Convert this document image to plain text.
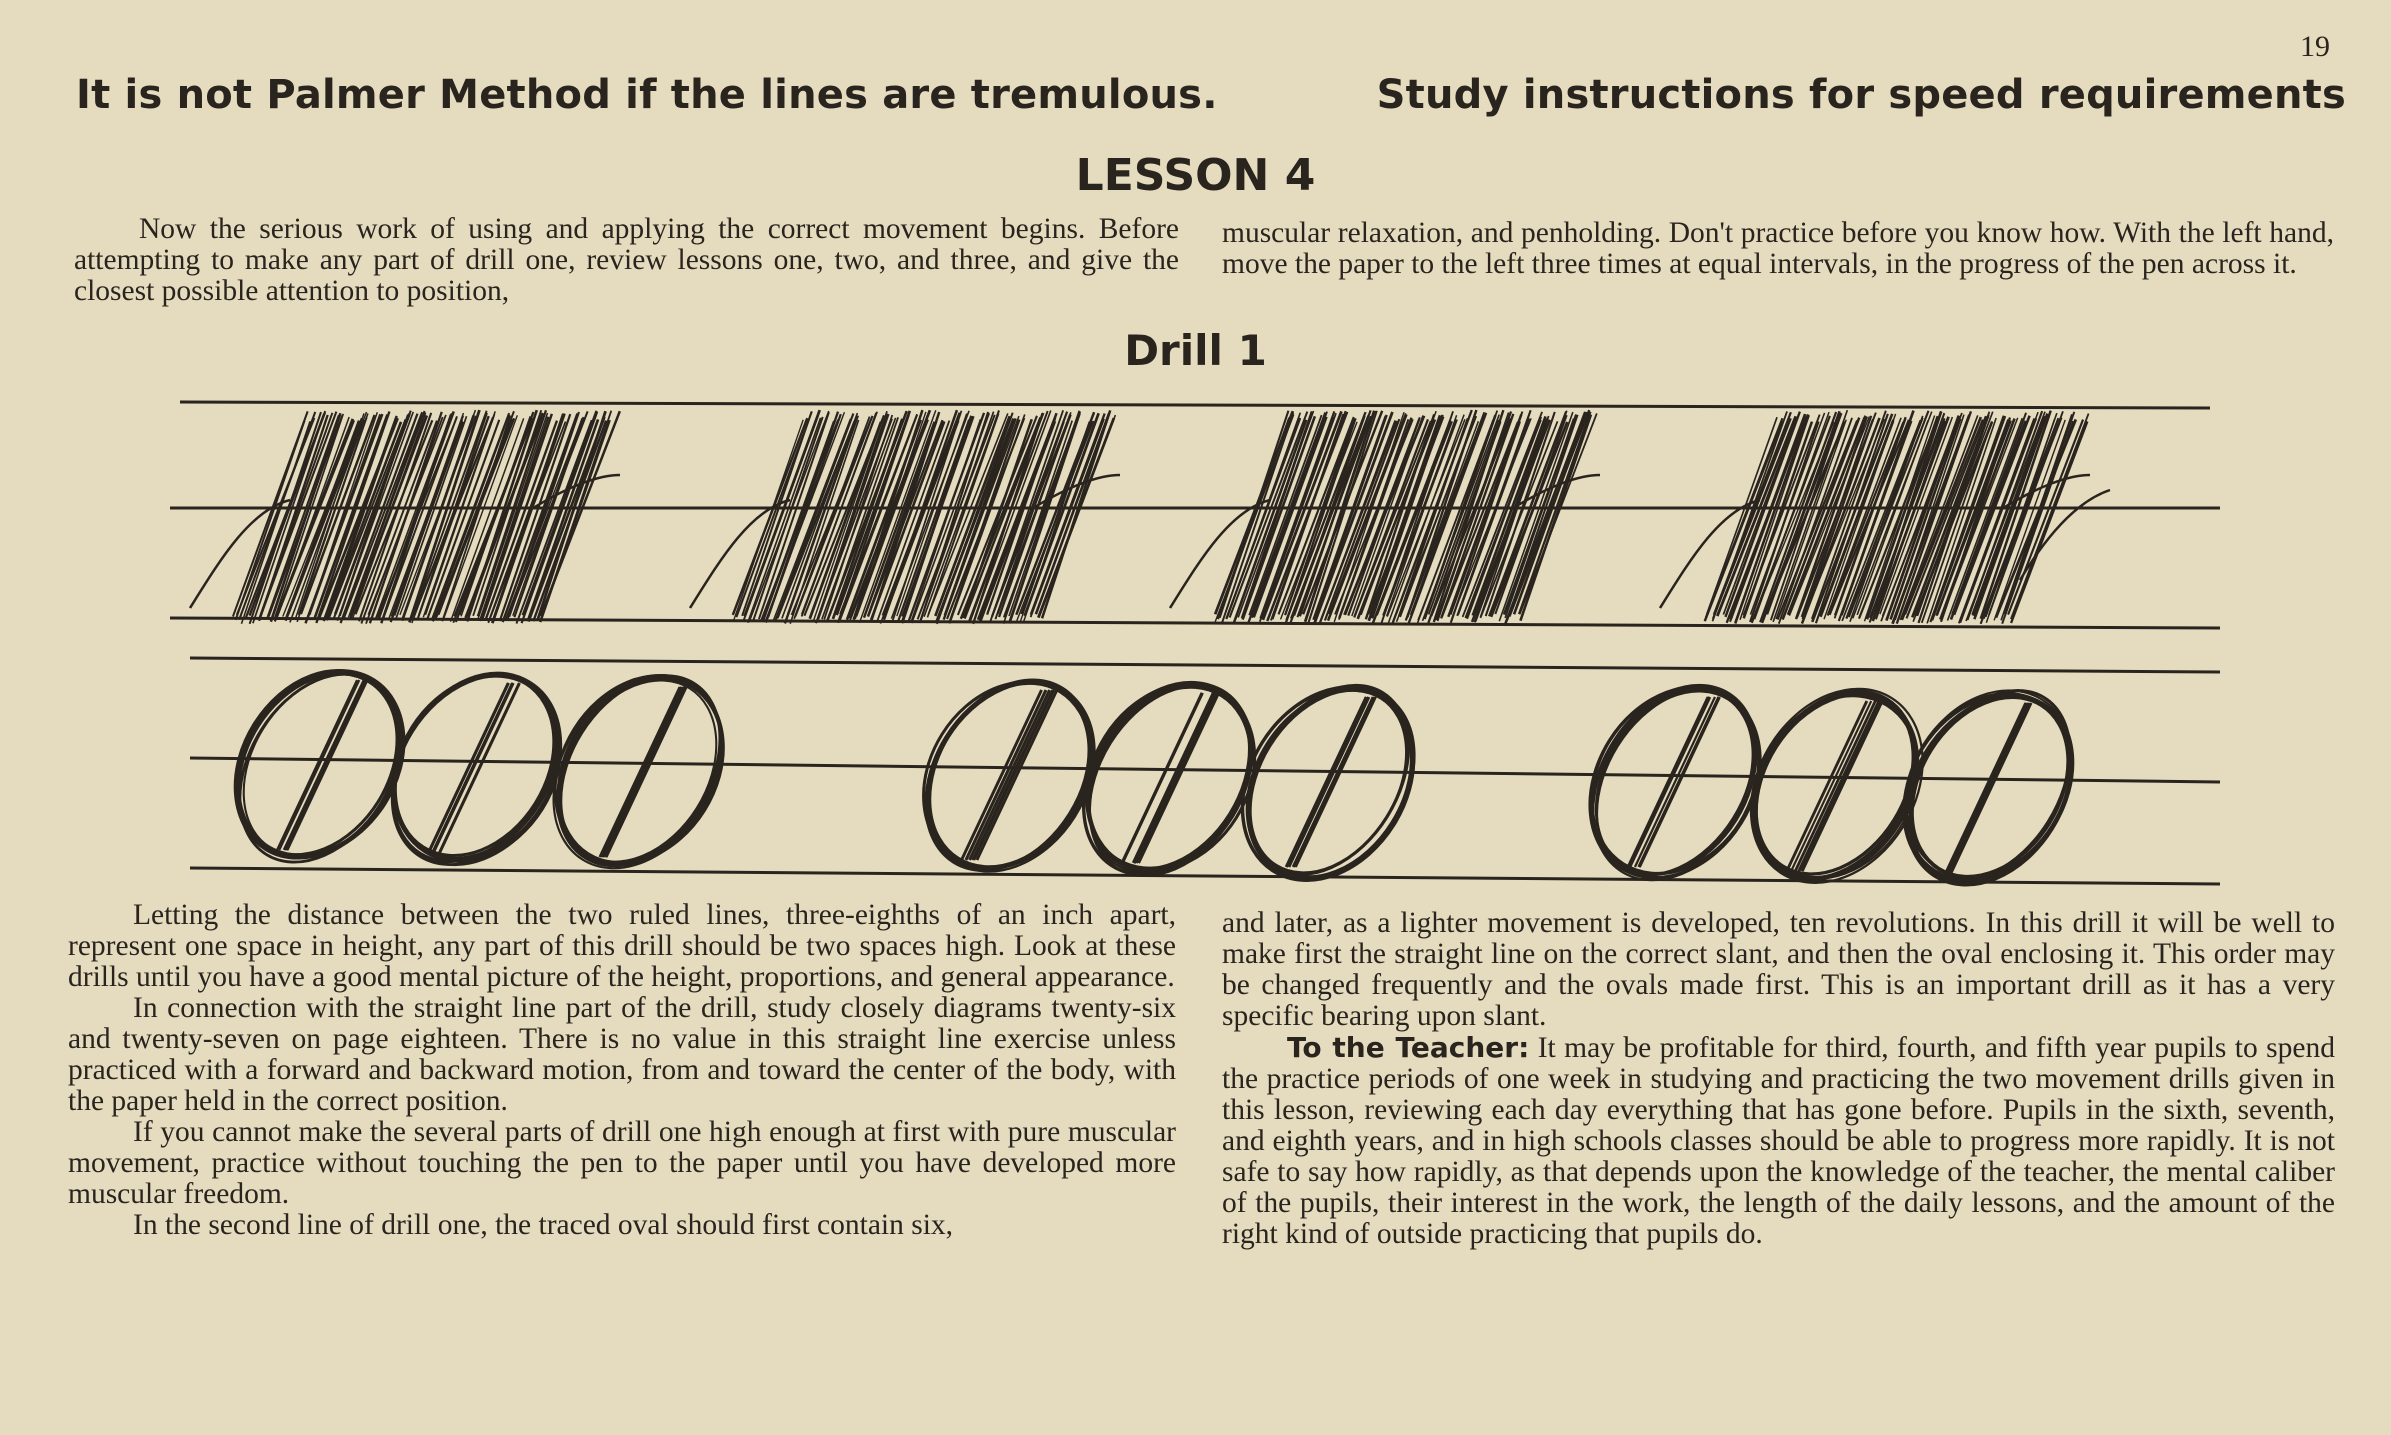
19
It is not Palmer Method if the lines are tremulous.	Study instructions for speed requirements
LESSON 4

Now the serious work of using and applying the correct movement begins. Before attempting to make any part of drill one, review lessons one, two, and three, and give the closest possible attention to position,

muscular relaxation, and penholding. Don't practice before you know how. With the left hand, move the paper to the left three times at equal intervals, in the progress of the pen across it.

Drill 1

Letting the distance between the two ruled lines, three-eighths of an inch apart, represent one space in height, any part of this drill should be two spaces high. Look at these drills until you have a good mental picture of the height, proportions, and general appearance.

In connection with the straight line part of the drill, study closely diagrams twenty-six and twenty-seven on page eighteen. There is no value in this straight line exercise unless practiced with a forward and backward motion, from and toward the center of the body, with the paper held in the correct position.

If you cannot make the several parts of drill one high enough at first with pure muscular movement, practice without touching the pen to the paper until you have developed more muscular freedom.

In the second line of drill one, the traced oval should first contain six,

and later, as a lighter movement is developed, ten revolutions. In this drill it will be well to make first the straight line on the correct slant, and then the oval enclosing it. This order may be changed frequently and the ovals made first. This is an important drill as it has a very specific bearing upon slant.

To the Teacher: It may be profitable for third, fourth, and fifth year pupils to spend the practice periods of one week in studying and practicing the two movement drills given in this lesson, reviewing each day everything that has gone before. Pupils in the sixth, seventh, and eighth years, and in high schools classes should be able to progress more rapidly. It is not safe to say how rapidly, as that depends upon the knowledge of the teacher, the mental caliber of the pupils, their interest in the work, the length of the daily lessons, and the amount of the right kind of outside practicing that pupils do.
